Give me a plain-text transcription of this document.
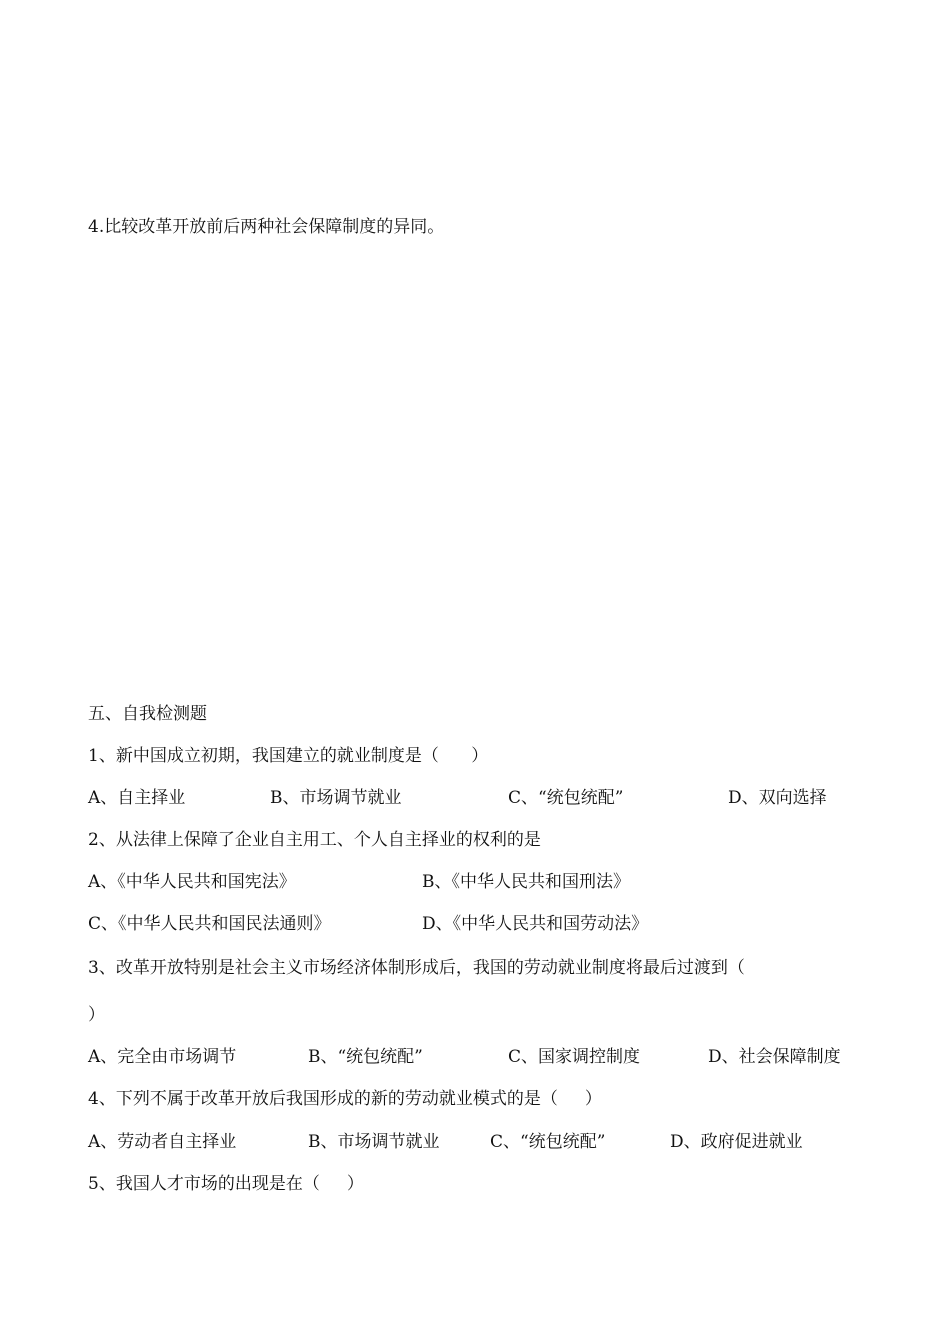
4.比较改革开放前后两种社会保障制度的异同。
五、自我检测题
1、新中国成立初期，我国建立的就业制度是（      ）
A、自主择业	B、市场调节就业	C、“统包统配”	D、双向选择
2、从法律上保障了企业自主用工、个人自主择业的权利的是
A、《中华人民共和国宪法》	B、《中华人民共和国刑法》
C、《中华人民共和国民法通则》	D、《中华人民共和国劳动法》
3、改革开放特别是社会主义市场经济体制形成后，我国的劳动就业制度将最后过渡到（
）
A、完全由市场调节	B、“统包统配”	C、国家调控制度	D、社会保障制度
4、下列不属于改革开放后我国形成的新的劳动就业模式的是（     ）
A、劳动者自主择业	B、市场调节就业	C、“统包统配”	D、政府促进就业
5、我国人才市场的出现是在（     ）
